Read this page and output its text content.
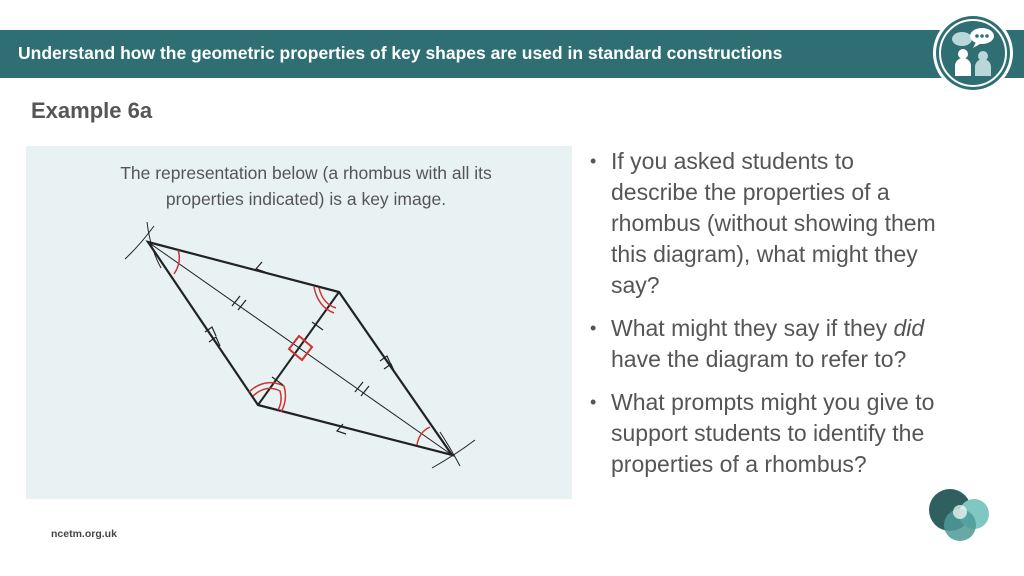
Understand how the geometric properties of key shapes are used in standard constructions
Example 6a
The representation below (a rhombus with all its
properties indicated) is a key image.
• If you asked students to
describe the properties of a
rhombus (without showing them
this diagram), what might they
say?
• What might they say if they did
have the diagram to refer to?
• What prompts might you give to
support students to identify the
properties of a rhombus?
ncetm.org.uk
